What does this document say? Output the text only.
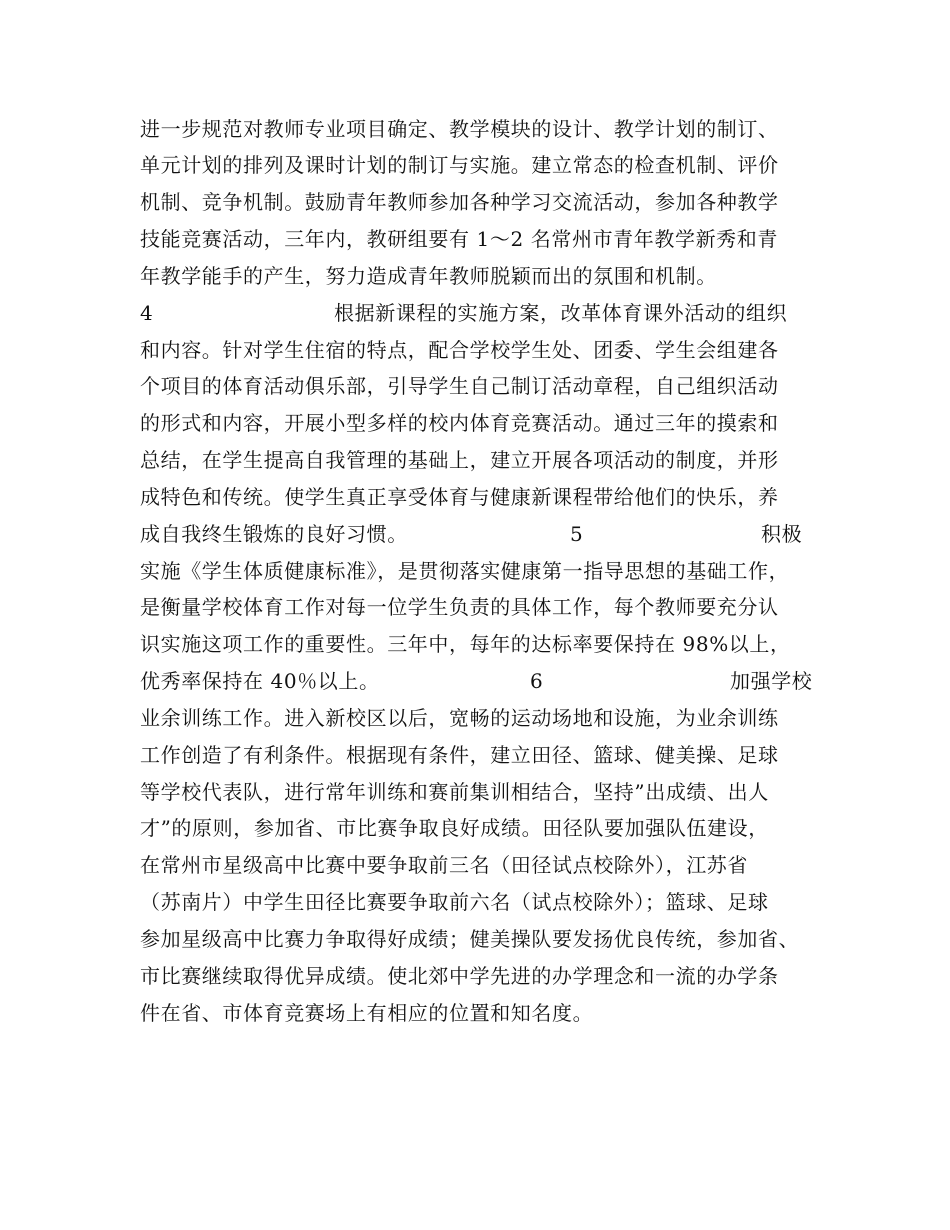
进一步规范对教师专业项目确定、教学模块的设计、教学计划的制订、
单元计划的排列及课时计划的制订与实施。建立常态的检查机制、评价
机制、竞争机制。鼓励青年教师参加各种学习交流活动，参加各种教学
技能竞赛活动，三年内，教研组要有 1～2 名常州市青年教学新秀和青
年教学能手的产生，努力造成青年教师脱颖而出的氛围和机制。

4

	根据新课程的实施方案，改革体育课外活动的组织

和内容。针对学生住宿的特点，配合学校学生处、团委、学生会组建各
个项目的体育活动俱乐部，引导学生自己制订活动章程，自己组织活动
的形式和内容，开展小型多样的校内体育竞赛活动。通过三年的摸索和
总结，在学生提高自我管理的基础上，建立开展各项活动的制度，并形
成特色和传统。使学生真正享受体育与健康新课程带给他们的快乐，养

成自我终生锻炼的良好习惯。

	5

	积极

实施《学生体质健康标准》，是贯彻落实健康第一指导思想的基础工作，
是衡量学校体育工作对每一位学生负责的具体工作，每个教师要充分认
识实施这项工作的重要性。三年中，每年的达标率要保持在 98%以上，

优秀率保持在 40％以上。

	6

	加强学校

业余训练工作。进入新校区以后，宽畅的运动场地和设施，为业余训练
工作创造了有利条件。根据现有条件，建立田径、篮球、健美操、足球
等学校代表队，进行常年训练和赛前集训相结合，坚持”出成绩、出人
才”的原则，参加省、市比赛争取良好成绩。田径队要加强队伍建设，
在常州市星级高中比赛中要争取前三名（田径试点校除外），江苏省
（苏南片）中学生田径比赛要争取前六名（试点校除外）；篮球、足球
参加星级高中比赛力争取得好成绩；健美操队要发扬优良传统，参加省、
市比赛继续取得优异成绩。使北郊中学先进的办学理念和一流的办学条
件在省、市体育竞赛场上有相应的位置和知名度。
